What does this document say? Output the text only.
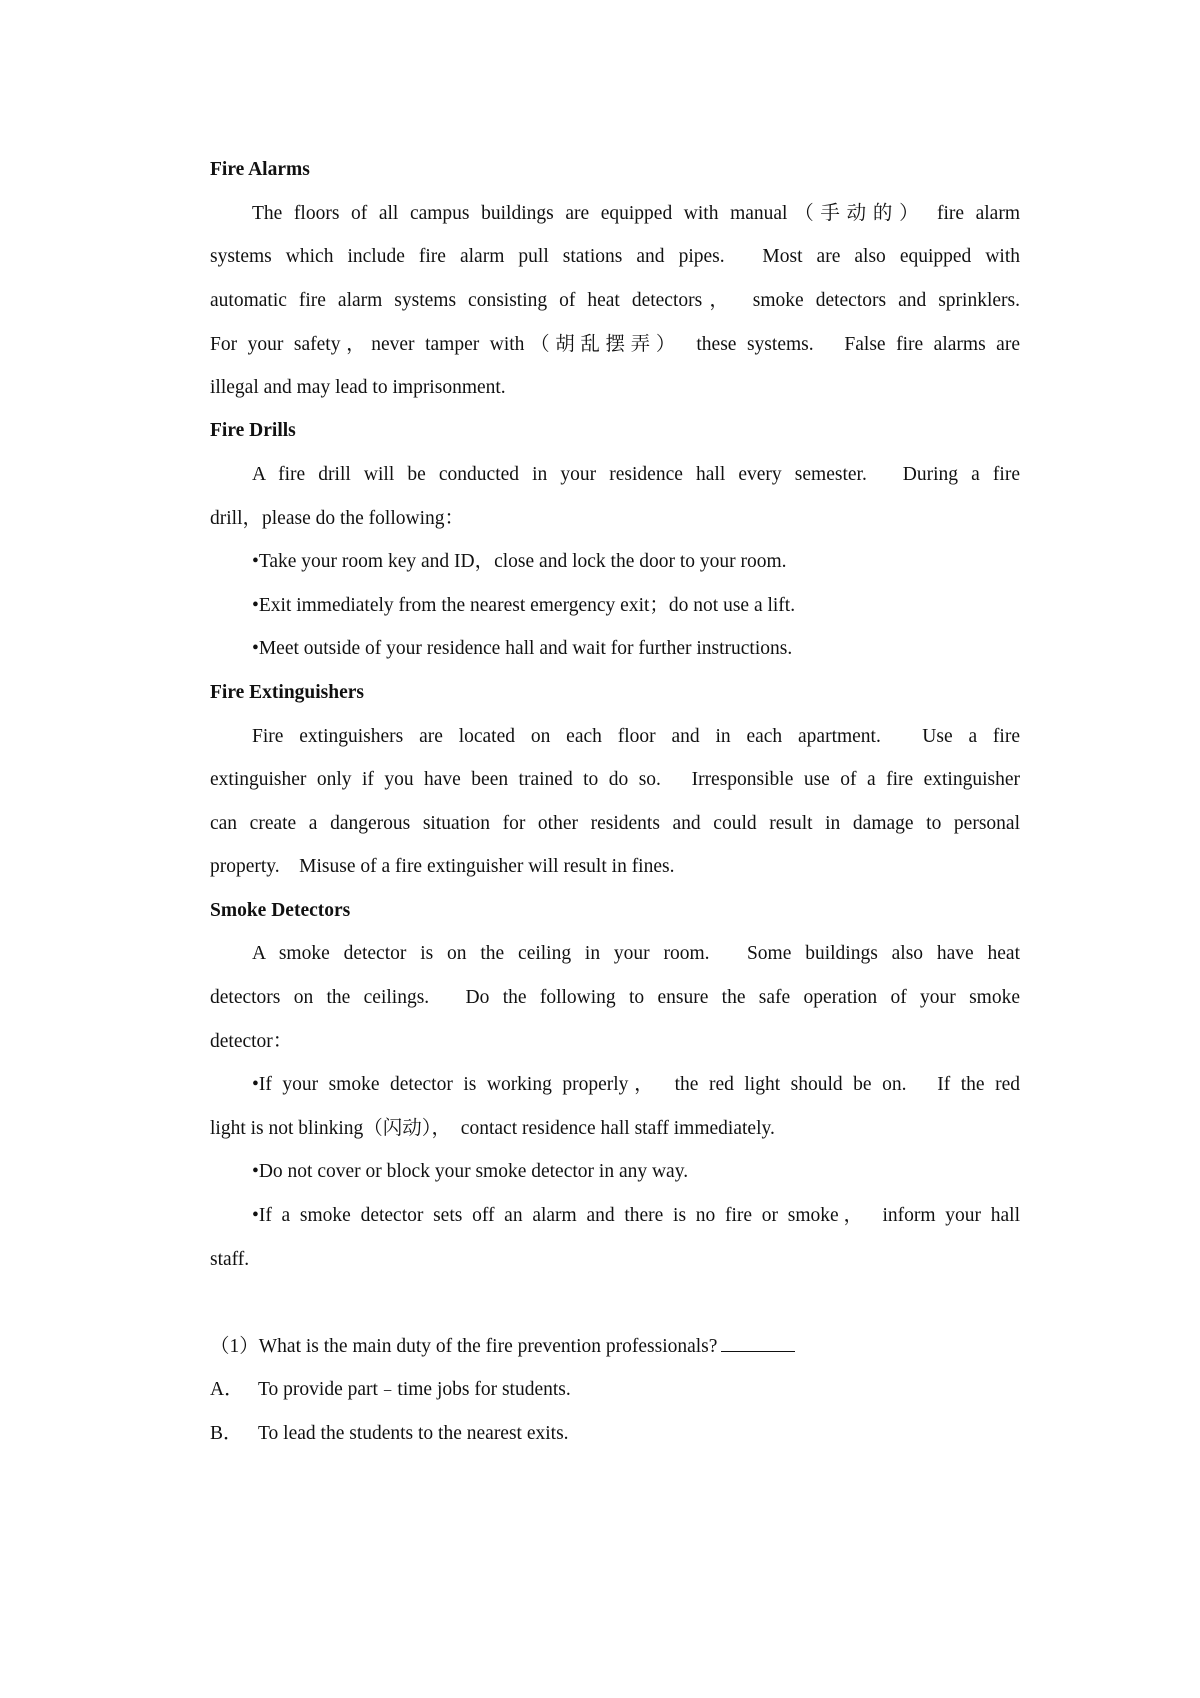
Fire Alarms
The floors of all campus buildings are equipped with manual（手动的） fire alarm
systems which include fire alarm pull stations and pipes.　Most are also equipped with
automatic fire alarm systems consisting of heat detectors，　smoke detectors and sprinklers.
For your safety，never tamper with（胡乱摆弄）　these systems.　False fire alarms are
illegal and may lead to imprisonment.
Fire Drills
A fire drill will be conducted in your residence hall every semester.　During a fire
drill，please do the following：
•Take your room key and ID，close and lock the door to your room.
•Exit immediately from the nearest emergency exit；do not use a lift.
•Meet outside of your residence hall and wait for further instructions.
Fire Extinguishers
Fire extinguishers are located on each floor and in each apartment.　Use a fire
extinguisher only if you have been trained to do so.　Irresponsible use of a fire extinguisher
can create a dangerous situation for other residents and could result in damage to personal
property.　Misuse of a fire extinguisher will result in fines.
Smoke Detectors
A smoke detector is on the ceiling in your room.　Some buildings also have heat
detectors on the ceilings.　Do the following to ensure the safe operation of your smoke
detector：
•If your smoke detector is working properly，　the red light should be on.　If the red
light is not blinking（闪动），　contact residence hall staff immediately.
•Do not cover or block your smoke detector in any way.
•If a smoke detector sets off an alarm and there is no fire or smoke，　inform your hall
staff.
（1）What is the main duty of the fire prevention professionals?
A． To provide part﹣time jobs for students.
B． To lead the students to the nearest exits.
